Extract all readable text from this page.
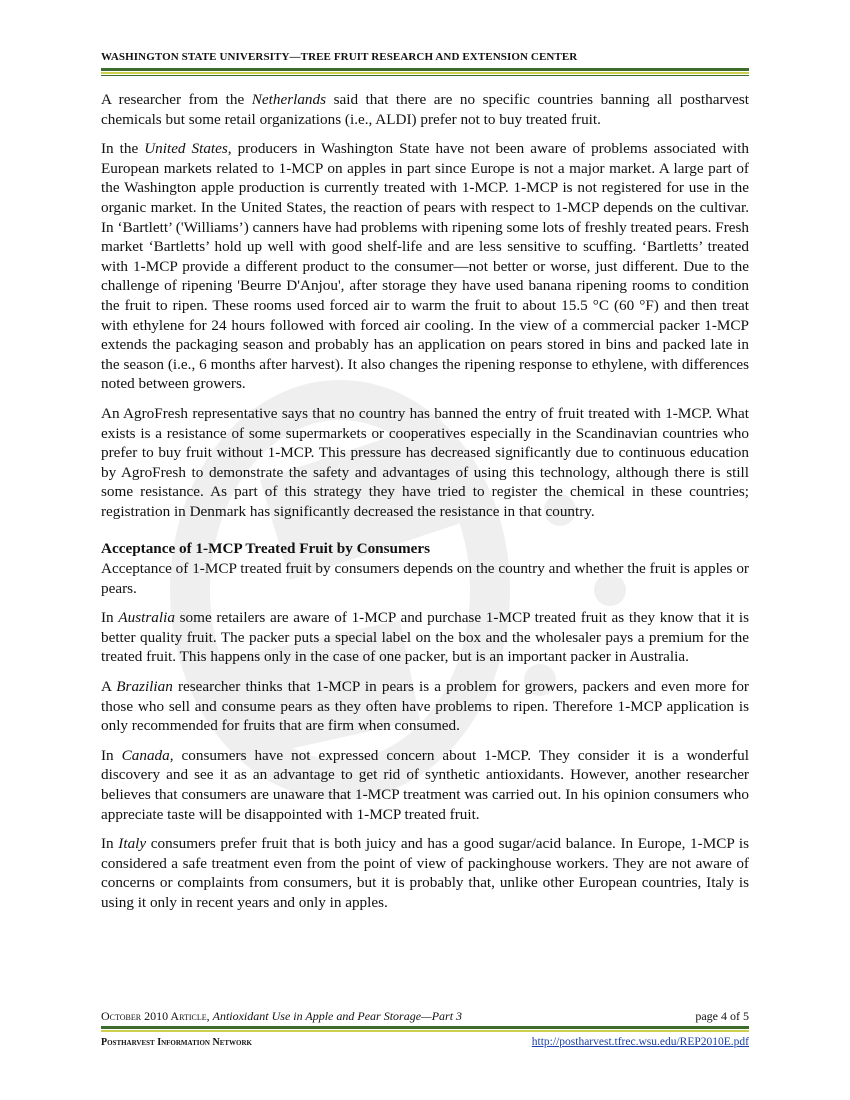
WASHINGTON STATE UNIVERSITY—TREE FRUIT RESEARCH AND EXTENSION CENTER

A researcher from the Netherlands said that there are no specific countries banning all postharvest chemicals but some retail organizations (i.e., ALDI) prefer not to buy treated fruit.

In the United States, producers in Washington State have not been aware of problems associated with European markets related to 1-MCP on apples in part since Europe is not a major market. A large part of the Washington apple production is currently treated with 1-MCP. 1-MCP is not registered for use in the organic market. In the United States, the reaction of pears with respect to 1-MCP depends on the cultivar. In ‘Bartlett’ ('Williams’) canners have had problems with ripening some lots of freshly treated pears. Fresh market ‘Bartletts’ hold up well with good shelf-life and are less sensitive to scuffing. ‘Bartletts’ treated with 1-MCP provide a different product to the consumer—not better or worse, just different. Due to the challenge of ripening 'Beurre D'Anjou', after storage they have used banana ripening rooms to condition the fruit to ripen. These rooms used forced air to warm the fruit to about 15.5 °C (60 °F) and then treat with ethylene for 24 hours followed with forced air cooling. In the view of a commercial packer 1-MCP extends the packaging season and probably has an application on pears stored in bins and packed late in the season (i.e., 6 months after harvest). It also changes the ripening response to ethylene, with differences noted between growers.

An AgroFresh representative says that no country has banned the entry of fruit treated with 1-MCP. What exists is a resistance of some supermarkets or cooperatives especially in the Scandinavian countries who prefer to buy fruit without 1-MCP. This pressure has decreased significantly due to continuous education by AgroFresh to demonstrate the safety and advantages of using this technology, although there is still some resistance. As part of this strategy they have tried to register the chemical in these countries; registration in Denmark has significantly decreased the resistance in that country.

Acceptance of 1-MCP Treated Fruit by Consumers

Acceptance of 1-MCP treated fruit by consumers depends on the country and whether the fruit is apples or pears.

In Australia some retailers are aware of 1-MCP and purchase 1-MCP treated fruit as they know that it is better quality fruit. The packer puts a special label on the box and the wholesaler pays a premium for the treated fruit. This happens only in the case of one packer, but is an important packer in Australia.

A Brazilian researcher thinks that 1-MCP in pears is a problem for growers, packers and even more for those who sell and consume pears as they often have problems to ripen. Therefore 1-MCP application is only recommended for fruits that are firm when consumed.

In Canada, consumers have not expressed concern about 1-MCP. They consider it is a wonderful discovery and see it as an advantage to get rid of synthetic antioxidants. However, another researcher believes that consumers are unaware that 1-MCP treatment was carried out. In his opinion consumers who appreciate taste will be disappointed with 1-MCP treated fruit.

In Italy consumers prefer fruit that is both juicy and has a good sugar/acid balance. In Europe, 1-MCP is considered a safe treatment even from the point of view of packinghouse workers. They are not aware of concerns or complaints from consumers, but it is probably that, unlike other European countries, Italy is using it only in recent years and only in apples.

October 2010 Article, Antioxidant Use in Apple and Pear Storage—Part 3	page 4 of 5
Postharvest Information Network	http://postharvest.tfrec.wsu.edu/REP2010E.pdf
